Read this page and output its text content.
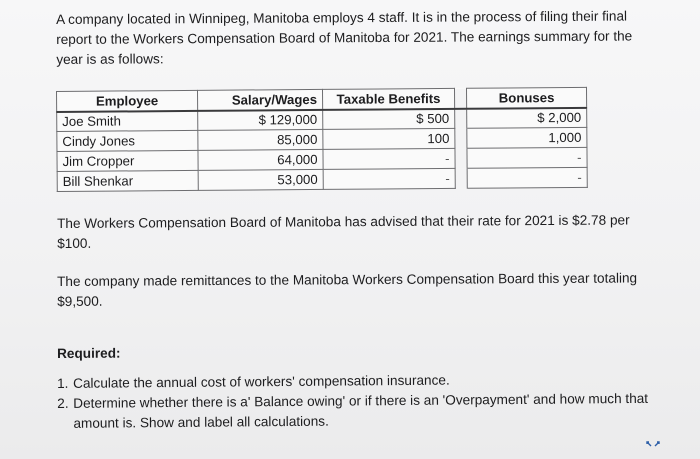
A company located in Winnipeg, Manitoba employs 4 staff. It is in the process of filing their final report to the Workers Compensation Board of Manitoba for 2021. The earnings summary for the year is as follows:

Employee	Salary/Wages	Taxable Benefits		Bonuses
Joe Smith	$ 129,000	$ 500		$ 2,000
Cindy Jones	85,000	100		1,000
Jim Cropper	64,000	-		-
Bill Shenkar	53,000	-		-

The Workers Compensation Board of Manitoba has advised that their rate for 2021 is $2.78 per $100.

The company made remittances to the Manitoba Workers Compensation Board this year totaling $9,500.

Required:

1. Calculate the annual cost of workers' compensation insurance.
2. Determine whether there is a' Balance owing' or if there is an 'Overpayment' and how much that amount is. Show and label all calculations.
